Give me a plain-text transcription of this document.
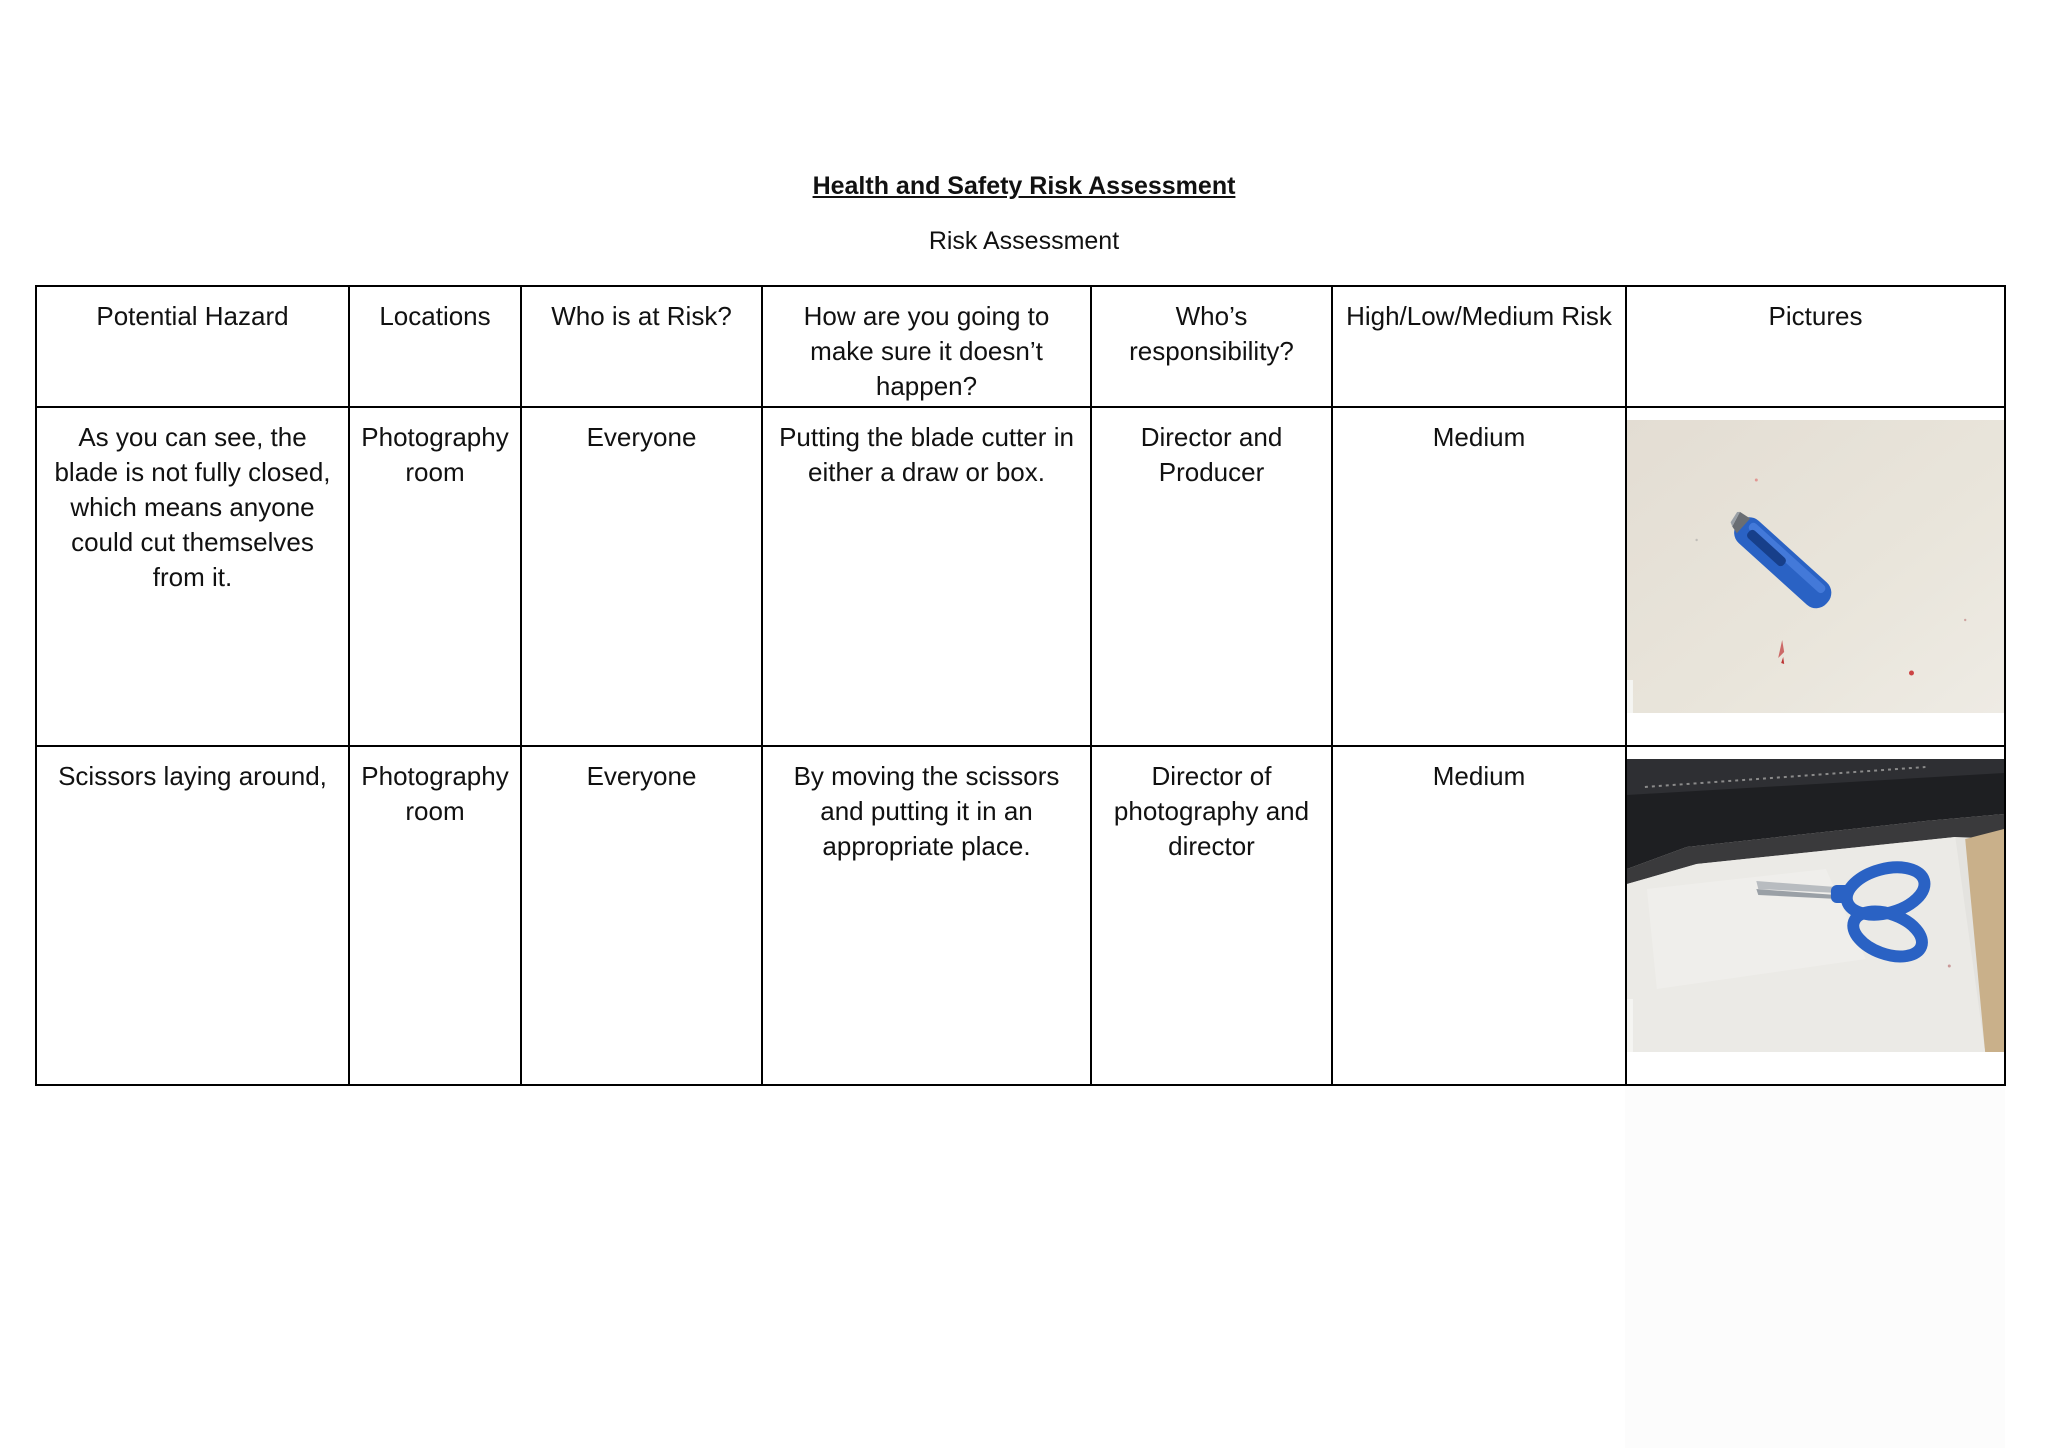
Health and Safety Risk Assessment
Risk Assessment
Potential Hazard	Locations	Who is at Risk?	How are you going to make sure it doesn’t happen?	Who’s responsibility?	High/Low/Medium Risk	Pictures
As you can see, the blade is not fully closed, which means anyone could cut themselves from it.	Photography room	Everyone	Putting the blade cutter in either a draw or box.	Director and Producer	Medium	

Scissors laying around,	Photography room	Everyone	By moving the scissors and putting it in an appropriate place.	Director of photography and director	Medium	
